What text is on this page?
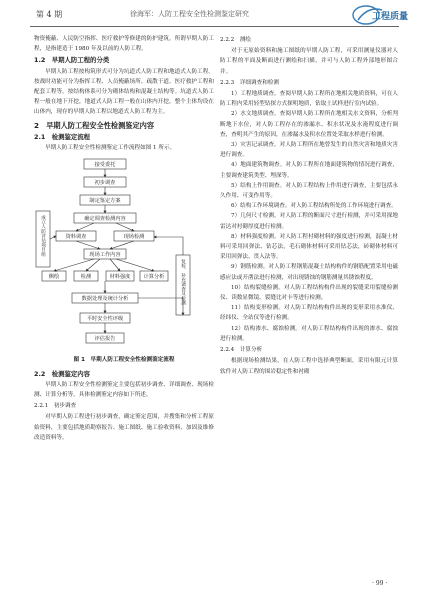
第 4 期	徐海军：人防工程安全性检测鉴定研究	工程质量

物资掩蔽、人民防空指挥、医疗救护等修建的防护建筑。所谓早期人防工程，是指建造于 1980 年及以前的人防工程。

1.2　早期人防工程的分类

早期人防工程按构筑形式可分为坑道式人防工程和地道式人防工程。按战时功能可分为指挥工程、人员掩蔽场所、疏散干道、医疗救护工程和配套工程等。按结构体系可分为砌体结构和混凝土结构等。坑道式人防工程一般在地下开挖，地道式人防工程一般在山体内开挖，整个主体均设在山体内，现存的早期人防工程以地道式人防工程为主。

2　早期人防工程安全性检测鉴定内容
2.1　检测鉴定流程

早期人防工程安全性检测鉴定工作流程如图 1 所示。

接受委托
初步调查
制定鉴定方案
确定调查检测内容
资料调查	现场检测
现场工作内容
侧绘	检测	材料强度	计算分析
数据处理及统计分析
平时安全性评级
评估报告
成立人防评估项目组
复检、补充调查及检测
图 1　早期人防工程安全性检测鉴定流程
2.2　检测鉴定内容

早期人防工程安全性检测鉴定主要包括初步调查、详细调查、现场检测、计算分析等，具体检测鉴定内容如下所述。

2.2.1　初步调查

对早期人防工程进行初步调查，确定鉴定范围，并搜集和分析工程原始资料，主要包括地质勘察报告、施工图纸、施工验收资料、加固及维修改造资料等。

2.2.2　测绘

对于无原始资料和施工图纸的早期人防工程，可采用测量仪器对人防工程的平面及断面进行测绘和扫描，并可与人防工程外部地形图合并。

2.2.3　详细调查和检测

1）工程地质调查。查阅早期人防工程所在地相关地质资料，可在人防工程内采用轻型钻探方式探明地质，钻取土试样进行室内试验。

2）水文地质调查。查阅早期人防工程所在地相关水文资料，分析判断地下水位，对人防工程存在的渗漏水、积水状况及水淹程度进行调查，查明其产生的原因，在渗漏水及积水位置处采取水样进行检测。

3）灾害记录调查。对人防工程所在地曾发生的自然灾害和地质灾害进行调查。

4）地面建筑物调查。对人防工程所在地面建筑物的情况进行调查，主要调查建筑类型、埋深等。

5）结构上作用调查。对人防工程结构上作用进行调查，主要包括永久作用、可变作用等。

6）结构工作环境调查。对人防工程结构所处的工作环境进行调查。

7）几何尺寸检测。对人防工程的断面尺寸进行检测，并可采用探地雷达对衬砌厚度进行检测。

8）材料强度检测。对人防工程衬砌材料的强度进行检测，混凝土材料可采用回弹法、钻芯法，毛石砌体材料可采用钻芯法，砖砌体材料可采用回弹法、贯入法等。

9）钢筋检测。对人防工程钢筋混凝土结构构件的钢筋配置采用电磁感应法或开凿法进行检测，对出现锈蚀的钢筋测量其锈蚀程度。

10）结构裂缝检测。对人防工程结构构件出现的裂缝采用裂缝检测仪、读数显微镜、裂缝比对卡等进行检测。

11）结构变形检测。对人防工程结构构件出现的变形采用水准仪、经纬仪、全站仪等进行检测。

12）结构渗水、腐蚀检测。对人防工程结构构件出现的渗水、腐蚀进行检测。

2.2.4　计算分析

根据现场检测结果，在人防工程中选择典型断面，采用有限元计算软件对人防工程的围岩稳定性和衬砌

· 99 ·
